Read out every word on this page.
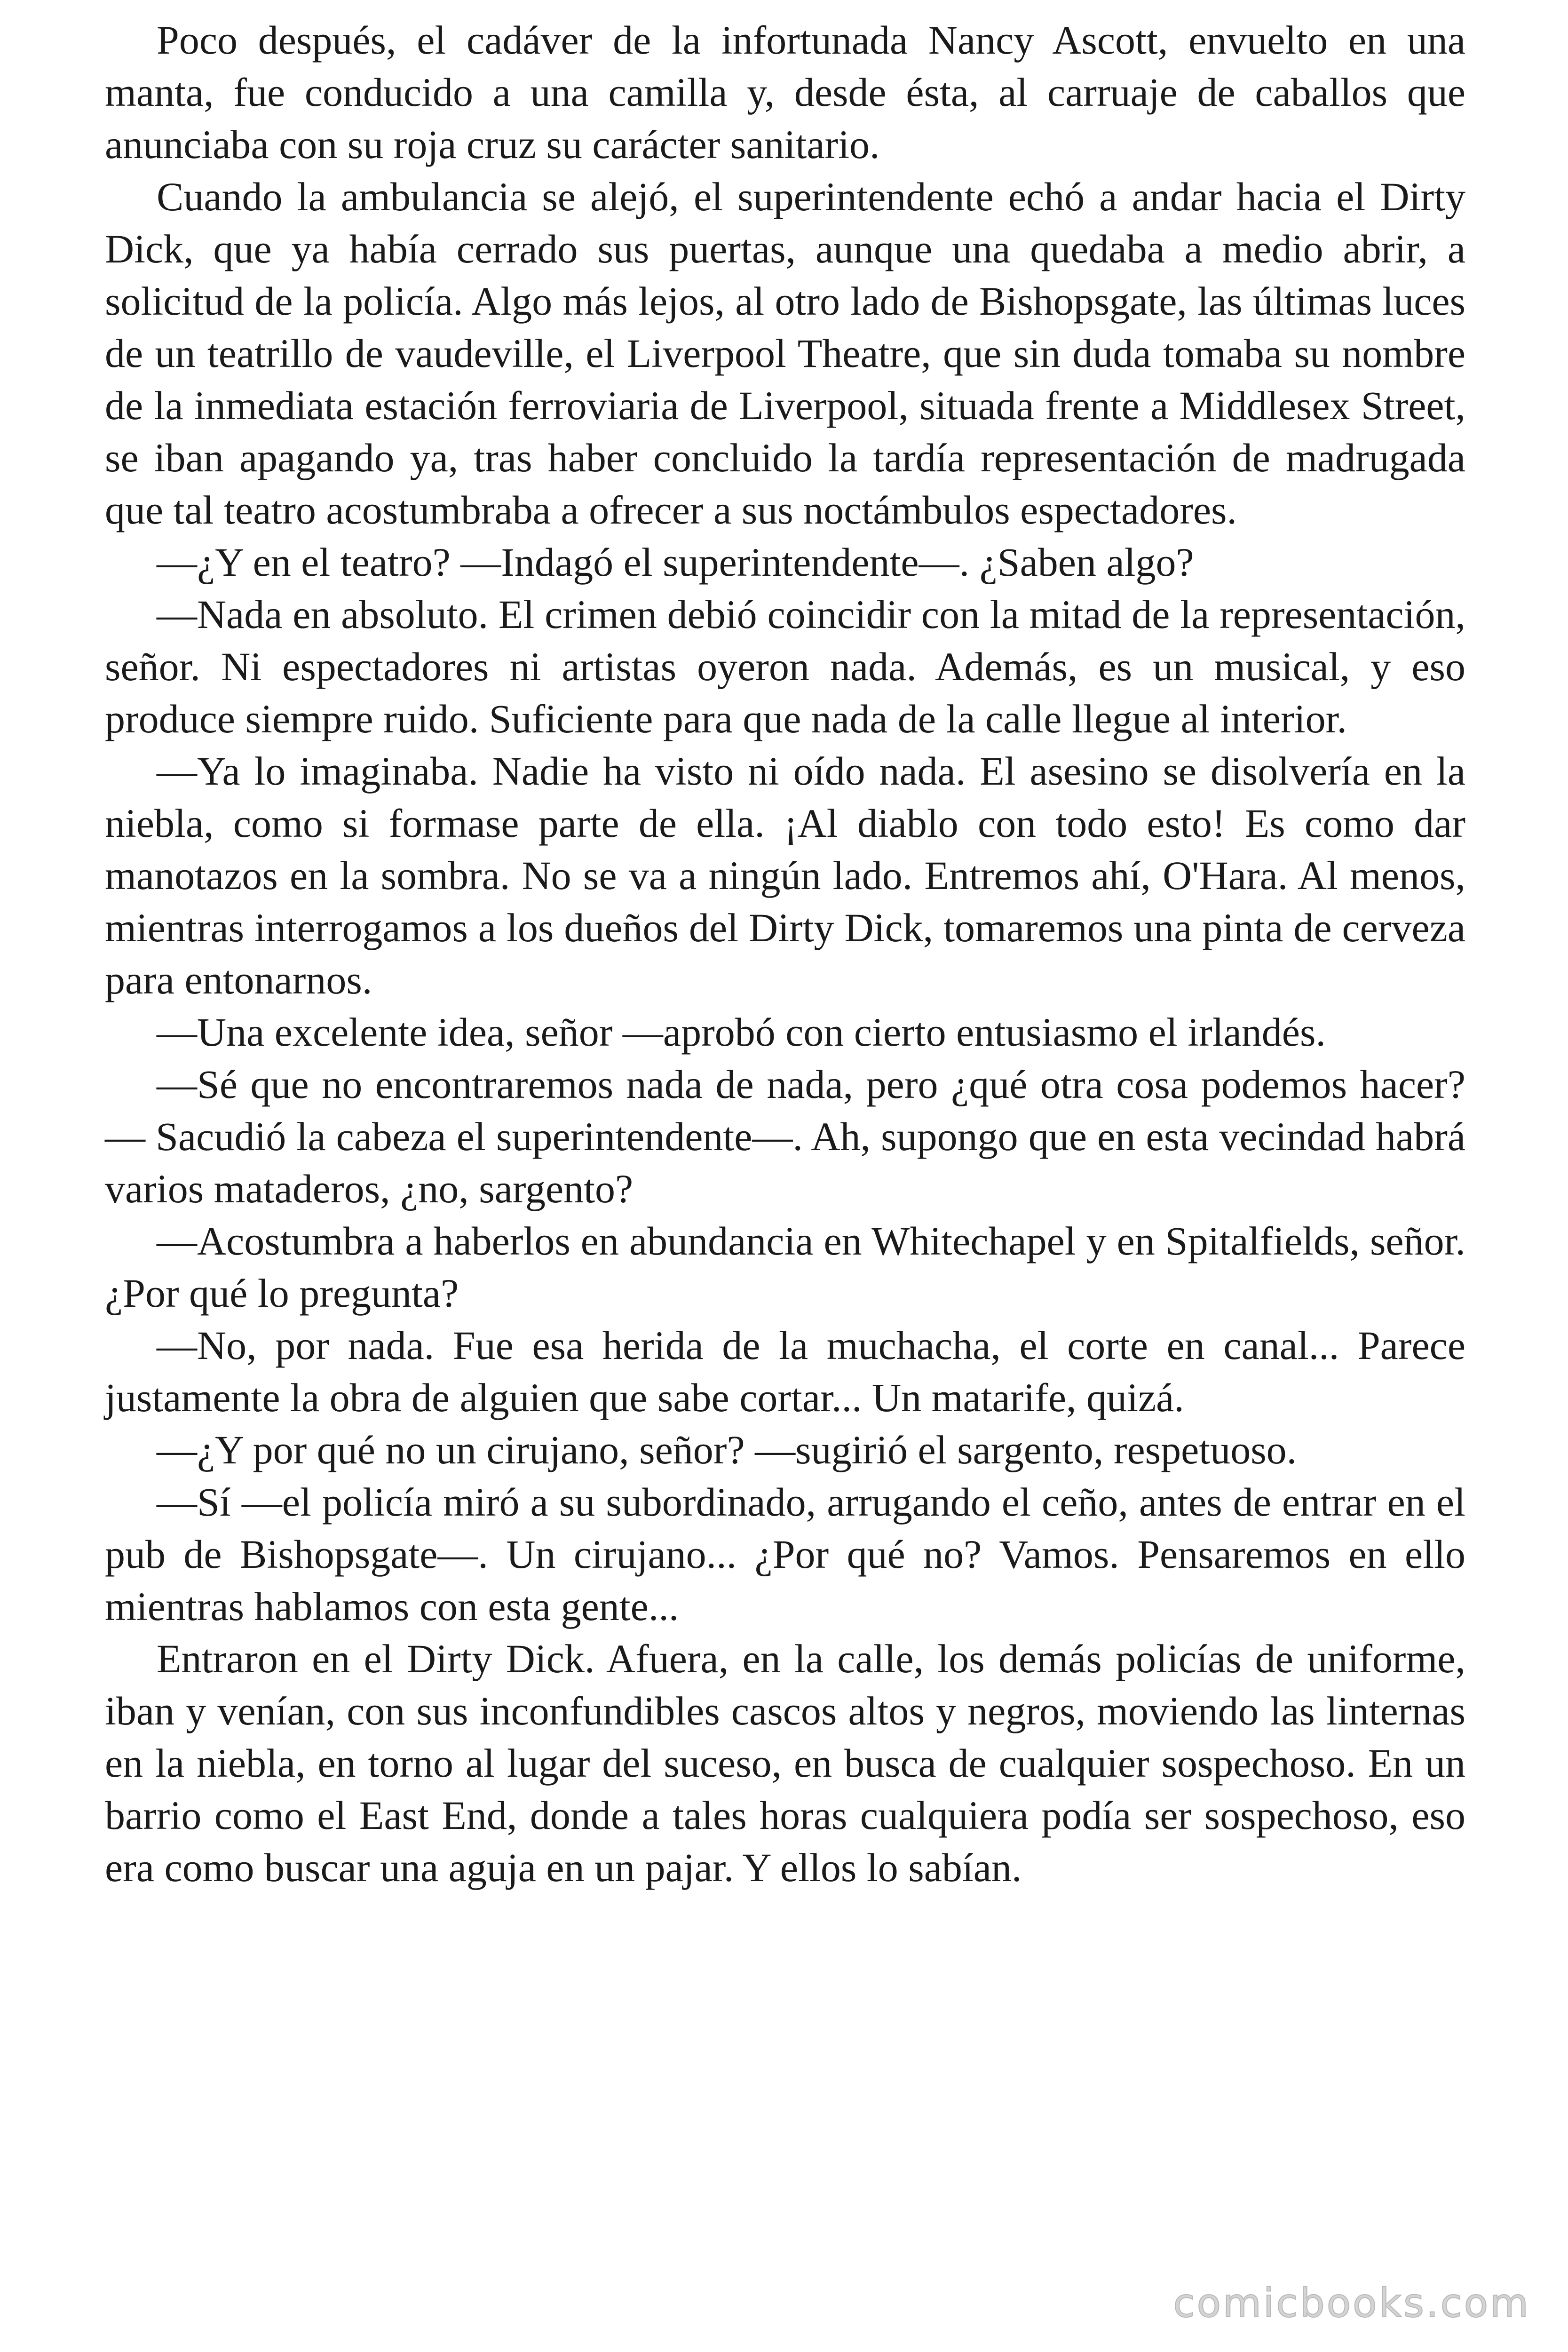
Poco después, el cadáver de la infortunada Nancy Ascott, envuelto en una manta, fue conducido a una camilla y, desde ésta, al carruaje de caballos que anunciaba con su roja cruz su carácter sanitario.

Cuando la ambulancia se alejó, el superintendente echó a andar hacia el Dirty Dick, que ya había cerrado sus puertas, aunque una quedaba a medio abrir, a solicitud de la policía. Algo más lejos, al otro lado de Bishopsgate, las últimas luces de un teatrillo de vaudeville, el Liverpool Theatre, que sin duda tomaba su nombre de la inmediata estación ferroviaria de Liverpool, situada frente a Middlesex Street, se iban apagando ya, tras haber concluido la tardía representación de madrugada que tal teatro acostumbraba a ofrecer a sus noctámbulos espectadores.

—¿Y en el teatro? —Indagó el superintendente—. ¿Saben algo?

—Nada en absoluto. El crimen debió coincidir con la mitad de la representación, señor. Ni espectadores ni artistas oyeron nada. Además, es un musical, y eso produce siempre ruido. Suficiente para que nada de la calle llegue al interior.

—Ya lo imaginaba. Nadie ha visto ni oído nada. El asesino se disolvería en la niebla, como si formase parte de ella. ¡Al diablo con todo esto! Es como dar manotazos en la sombra. No se va a ningún lado. Entremos ahí, O'Hara. Al menos, mientras interrogamos a los dueños del Dirty Dick, tomaremos una pinta de cerveza para entonarnos.

—Una excelente idea, señor —aprobó con cierto entusiasmo el irlandés.

—Sé que no encontraremos nada de nada, pero ¿qué otra cosa podemos hacer? — Sacudió la cabeza el superintendente—. Ah, supongo que en esta vecindad habrá varios mataderos, ¿no, sargento?

—Acostumbra a haberlos en abundancia en Whitechapel y en Spitalfields, señor. ¿Por qué lo pregunta?

—No, por nada. Fue esa herida de la muchacha, el corte en canal... Parece justamente la obra de alguien que sabe cortar... Un matarife, quizá.

—¿Y por qué no un cirujano, señor? —sugirió el sargento, respetuoso.

—Sí —el policía miró a su subordinado, arrugando el ceño, antes de entrar en el pub de Bishopsgate—. Un cirujano... ¿Por qué no? Vamos. Pensaremos en ello mientras hablamos con esta gente...

Entraron en el Dirty Dick. Afuera, en la calle, los demás policías de uniforme, iban y venían, con sus inconfundibles cascos altos y negros, moviendo las linternas en la niebla, en torno al lugar del suceso, en busca de cualquier sospechoso. En un barrio como el East End, donde a tales horas cualquiera podía ser sospechoso, eso era como buscar una aguja en un pajar. Y ellos lo sabían.

comicbooks.com
